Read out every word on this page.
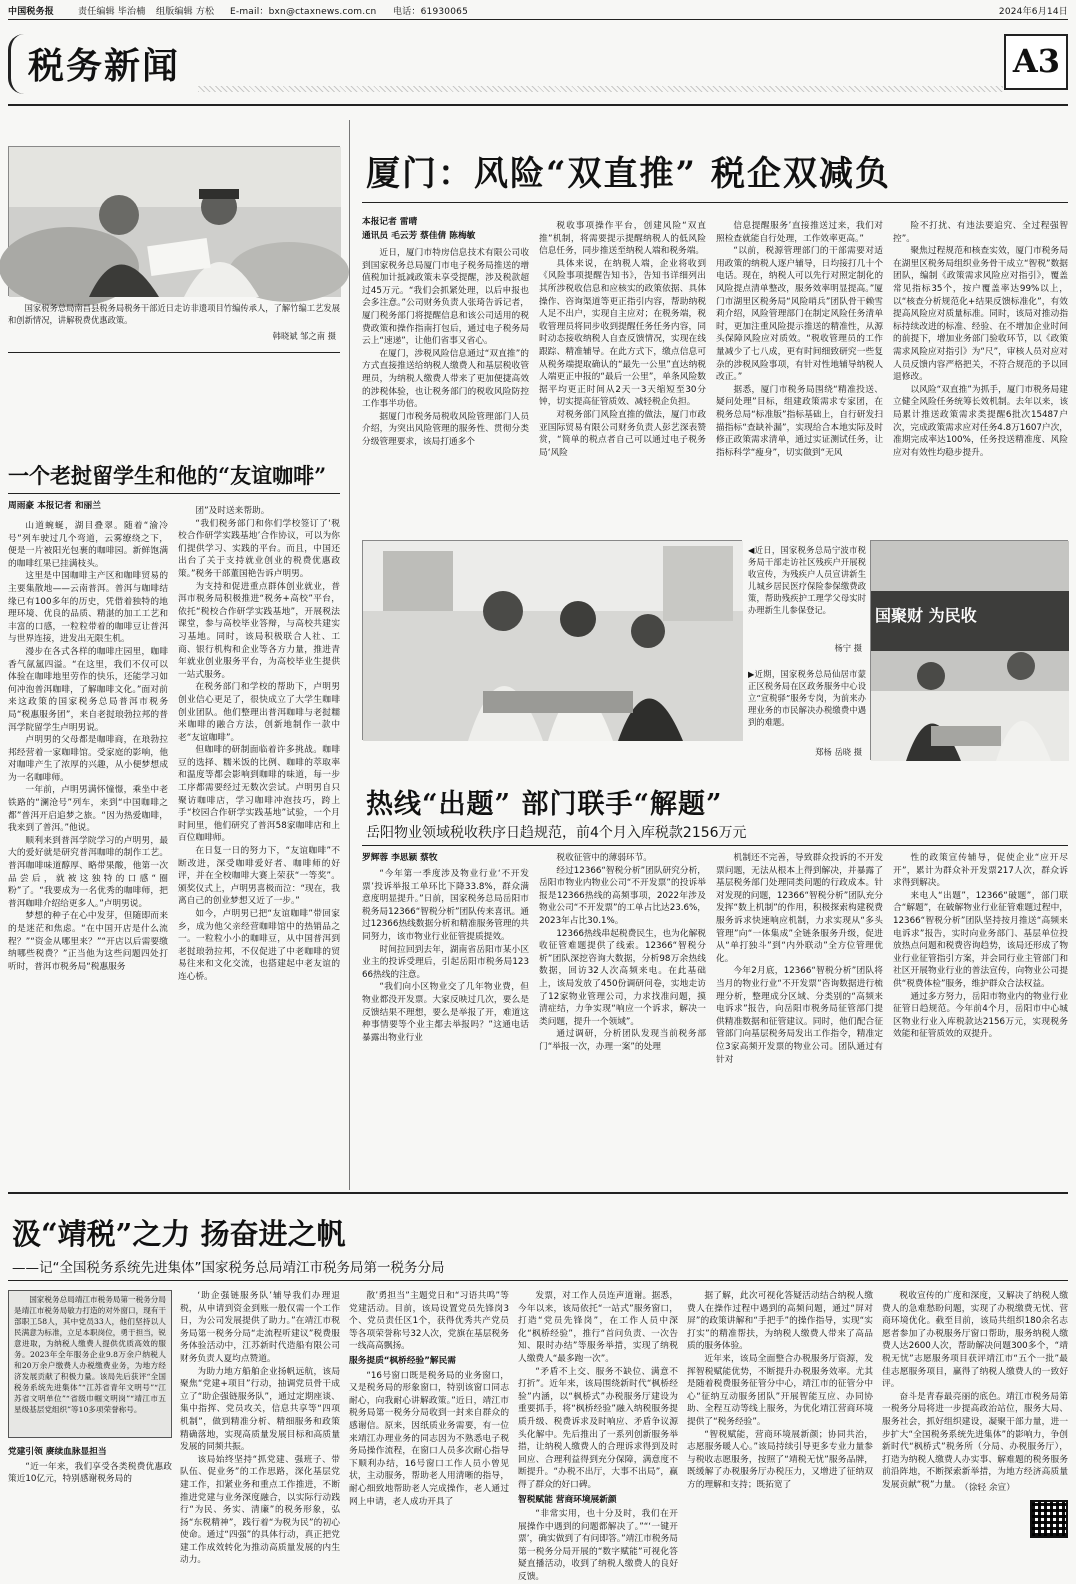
中国税务报	责任编辑 毕治楠 组版编辑 方松 E-mail：bxn@ctaxnews.com.cn 电话：61930065	2024年6月14日
税务新闻	A3
国家税务总局南昌县税务局税务干部近日走访非遗项目竹编传承人，了解竹编工艺发展和创新情况，讲解税费优惠政策。
韩晓斌 邹之南 摄
一个老挝留学生和他的“友谊咖啡”
周雨豪 本报记者 和丽兰

山道蜿蜒，湖目叠翠。随着“渝冷号”列车驶过几个弯道，云雾缭绕之下，便是一片被阳光包裹的咖啡园。新鲜饱满的咖啡红果已挂满枝头。

这里是中国咖啡主产区和咖啡贸易的主要集散地——云南普洱。普洱与咖啡结缘已有100多年的历史，凭借着独特的地理环境、优良的品质、精湛的加工工艺和丰富的口感，一粒粒带着的咖啡豆让普洱与世界连接，进发出无限生机。

漫步在各式各样的咖啡庄园里，咖啡香气氤氲四溢。“在这里，我们不仅可以体验在咖啡地里劳作的快乐，还能学习如何冲泡普洱咖啡，了解咖啡文化。”面对前来这政策的国家税务总局普洱市税务局“税惠服务团”，来自老挝琅勃拉邦的普洱学院留学生卢明男说。

卢明男的父母都是咖啡商，在琅勃拉邦经营着一家咖啡馆。受家庭的影响，他对咖啡产生了浓厚的兴趣，从小便梦想成为一名咖啡师。

一年前，卢明男满怀憧憬，乘坐中老铁路的“澜沧号”列车，来到“中国咖啡之都”普洱开启追梦之旅。“因为热爱咖啡，我来到了普洱。”他说。

顺利来到普洱学院学习的卢明男，最大的爱好就是研究普洱咖啡的制作工艺。普洱咖啡味道醇厚、略带果酸，他第一次品尝后，就被这独特的口感“圈粉”了。“我要成为一名优秀的咖啡师，把普洱咖啡介绍给更多人。”卢明男说。

梦想的种子在心中发芽，但随即而来的是迷茫和焦虑。“在中国开店是什么流程？”“资金从哪里来？”“开店以后需要缴纳哪些税费？”正当他为这些问题四处打听时，普洱市税务局“税惠服务

团”及时送来帮助。

“我们税务部门和你们学校签订了‘税校合作研学实践基地’合作协议，可以为你们提供学习、实践的平台。而且，中国还出台了关于支持就业创业的税费优惠政策。”税务干部董国艳告诉卢明男。

为支持和促进重点群体创业就业，普洱市税务局积极推进“税务+高校”平台，依托“税校合作研学实践基地”，开展税法课堂，参与高校毕业答辩，与高校共建实习基地。同时，该局积极联合人社、工商、银行机构和企业等各方力量，推进青年就业创业服务平台，为高校毕业生提供一站式服务。

在税务部门和学校的帮助下，卢明男创业信心更足了，很快成立了大学生咖啡创业团队。他们整理出普洱咖啡与老挝糯米咖啡的融合方法，创新地制作一款中老“友谊咖啡”。

但咖啡的研制面临着许多挑战。咖啡豆的选择、糯米饭的比例、咖啡的萃取率和温度等都会影响到咖啡的味道，每一步工序都需要经过无数次尝试。卢明男自只聚访咖啡店，学习咖啡冲泡技巧，跨上手“校园合作研学实践基地”试验，一个月时间里，他们研究了普洱58家咖啡店和上百位咖啡师。

在日复一日的努力下，“友谊咖啡”不断改进，深受咖啡爱好者、咖啡师的好评，并在全校咖啡大赛上荣获“一等奖”。颁奖仪式上，卢明男喜极而泣：“现在，我离自己的创业梦想又近了一步。”

如今，卢明男已把“友谊咖啡”带回家乡，成为他父亲经营咖啡馆中的热销品之一。一粒粒小小的咖啡豆，从中国普洱到老挝琅勃拉邦，不仅促进了中老咖啡的贸易往来和文化交流，也搭建起中老友谊的连心桥。

厦门：风险“双直推” 税企双减负
本报记者 雷晴
通讯员 毛云芳 蔡佳倩 陈梅敏

近日，厦门市特房信息技术有限公司收到国家税务总局厦门市电子税务局推送的增值税加计抵减政策未享受提醒，涉及税款超过45万元。“我们会抓紧处理，以后申报也会多注意。”公司财务负责人张琦告诉记者，厦门税务部门将提醒信息和该公司适用的税费政策和操作指南打包后，通过电子税务局云上“速递”，让他们省事又省心。

在厦门，涉税风险信息通过“双直推”的方式直接推送给纳税人缴费人和基层税收管理员，为纳税人缴费人带来了更加便捷高效的涉税体验，也让税务部门的税收风险防控工作事半功倍。

据厦门市税务局税收风险管理部门人员介绍，为突出风险管理的服务性、贯彻分类分级管理要求，该局打通多个

税收事项操作平台，创建风险“双直推”机制，将需要提示提醒纳税人的低风险信息任务，同步推送至纳税人端和税务端。

具体来说，在纳税人端，企业将收到《风险事项提醒告知书》，告知书详细列出其所涉税收信息和应核实的政策依据、具体操作、咨询渠道等更正指引内容，帮助纳税人足不出户，实现自主应对；在税务端，税收管理员将同步收到提醒任务任务内容，同时动态接收纳税人自查反馈情况，实现在线跟踪、精准辅导。在此方式下，缴点信息可从税务端提取确认的“最先一公里”直达纳税人端更正申报的“最后一公里”，单条风险数据平均更正时间从2天一3天缩短至30分钟，切实提高征管质效、减轻税企负担。

对税务部门风险直推的做法，厦门市政亚国际贸易有限公司财务负责人彭艺深表赞赏，“简单的税点者自己可以通过电子税务局‘风险

信息提醒服务’直接推送过来，我们对照检查就能自行处理，工作效率更高。”

“以前，税源管理部门的干部需要对适用政策的纳税人逐户辅导，日均接打几十个电话。现在，纳税人可以先行对照定制化的风险提点清单整改，服务效率明显提高。”厦门市湖里区税务局“风险哨兵”团队骨干赖雪莉介绍，风险管理部门在制定风险任务清单时，更加注重风险提示推送的精准性，从源头保障风险应对质效。“税收管理员的工作量减少了七八成，更有时间细致研究一些复杂的涉税风险事项，有针对性地辅导纳税人改正。”

据悉，厦门市税务局围绕“精准投送、疑问处理”目标，组建政策需求专家团，在税务总局“标准版”指标基础上，自行研发扫描指标“查缺补漏”，实现给合本地实际及时修正政策需求清单，通过实证测试任务，让指标科学“瘦身”，切实做到“无风

险不打扰、有违法要追究、全过程强智控”。

聚焦过程规范和核查实效，厦门市税务局在湖里区税务局组织业务骨干成立“智税”数据团队，编制《政策需求风险应对指引》，覆盖常见指标35个，按户覆盖率达99%以上，以“核查分析规范化+结果反馈标准化”，有效提高风险应对质量标准。同时，该局对推动指标持续改进的标准、经验、在不增加企业时间的前提下，增加业务部门验收环节，以《政策需求风险应对指引》为“尺”，审核人员对应对人员反馈内容严格把关，不符合规范的予以回退修改。

以风险“双直推”为抓手，厦门市税务局建立健全风险任务统筹长效机制。去年以来，该局累计推送政策需求类提醒6批次15487户次，完成政策需求应对任务4.8万1607户次，准期完成率达100%，任务投送精准度、风险应对有效性均稳步提升。

◀近日，国家税务总局宁波市税务局干部走访社区残疾户开展税收宣传，为残疾户人员宣讲新生儿城乡居民医疗保险参保缴费政策，帮助残疾护工理学父母实时办理新生儿参保登记。
杨宁 摄
国聚财 为民收
▶近期，国家税务总局仙居市蒙正区税务局在区政务服务中心设立“宣税驿”服务专岗，为前来办理业务的市民解决办税缴费中遇到的难题。
郑杨 岳晓 摄
热线“出题” 部门联手“解题”
岳阳物业领域税收秩序日趋规范，前4个月入库税款2156万元
罗辉蓉 李思颖 蔡牧

“今年第一季度涉及物业行业‘不开发票’投诉举报工单环比下降33.8%，群众满意度明显提升。”日前，国家税务总局岳阳市税务局12366“智税分析”团队传来喜讯。通过12366热线数据分析和精准服务管理的共同努力，该市物业行业征管提质提效。

时间拉回到去年，湖南省岳阳市某小区业主的投诉受理后，引起岳阳市税务局12366热线的注意。

“我们向小区物业交了几年物业费，但物业都没开发票。大家反映过几次，要么是反馈结果不理想，要么是举报了开，难道这种事情要等个业主都去举报吗？”这通电话暴露出物业行业

税收征管中的薄弱环节。

经过12366“智税分析”团队研究分析，岳阳市物业内物业公司“不开发票”的投诉举报是12366热线的高频事项，2022年涉及物业公司“不开发票”的工单占比达23.6%，2023年占比30.1%。

12366热线串起税费民生，也为化解税收征管难题提供了线索。12366“智税分析”团队深挖咨询大数据，分析98万余热线数据，回访32人次高频来电。在此基础上，该局发放了450份调研问卷，实地走访了12家物业管理公司，力求找准问题，摸清症结，力争实现“响应一个诉求，解决一类问题，提升一个领域”。

通过调研，分析团队发现当前税务部门“举报一次，办理一案”的处理

机制还不完善，导致群众投诉的不开发票问题，无法从根本上得到解决，并暴露了基层税务部门处理同类问题的行政成本。针对发现的问题，12366“智税分析”团队充分发挥“数上机制”的作用，积极探索构建税费服务诉求快速响应机制，力求实现从“多头管理”向“一体集成”全链条服务升级，促进从“单打独斗”到“内外联动”全方位管理优化。

今年2月底，12366“智税分析”团队将当月的物业行业“不开发票”咨询数据进行梳理分析，整理成分区域、分类别的“高频来电诉求”报告，向岳阳市税务局征管部门提供精准数据和征管建议。同时，他们配合征管部门向基层税务局发出工作指令，精准定位3家高频开发票的物业公司。团队通过有针对

性的政策宣传辅导，促使企业“应开尽开”，累计为群众补开发票217人次，群众诉求得到解决。

来电人“出题”，12366“破题”，部门联合“解题”，在破解物业行业征管难题过程中，12366“智税分析”团队坚持按月推送“高频来电诉求”报告，实时向业务部门、基层单位投放热点问题和税费咨询趋势，该局还形成了物业行业征管指引方案，并会同行业主管部门和社区开展物业行业的普法宣传，向物业公司提供“税费体检”服务，维护群众合法权益。

通过多方努力，岳阳市物业内的物业行业征管日趋规范。今年前4个月，岳阳市中心城区物业行业入库税款达2156万元，实现税务效能和征管质效的双提升。

汲“靖税”之力 扬奋进之帆
——记“全国税务系统先进集体”国家税务总局靖江市税务局第一税务分局
国家税务总局靖江市税务局第一税务分局是靖江市税务局敏力打造的对外窗口，现有干部职工58人，其中党员33人，他们坚持以人民满意为标准，立足本职岗位，勇于担当，锐意进取，为纳税人缴费人提供优质高效的服务。2023年全年服务企业9.8万余户纳税人和20万余户缴费人办税缴费业务，为地方经济发展贡献了积极力量。该局先后获评“全国税务系统先进集体”“江苏省青年文明号”“江苏省文明单位”“省级巾帼文明岗”“靖江市五星级基层党组织”等10多项荣誉称号。
党建引领 赓续血脉显担当

“近一年来，我们享受各类税费优惠政策近10亿元，特别感谢税务局的

‘助企强链服务队’辅导我们办理退税，从申请到资金到账一般仅需一个工作日，为公司发展提供了助力。”在靖江市税务局第一税务分局“走流程听建议”税费服务体验活动中，江苏新时代造船有限公司财务负责人夏均点赞道。

为助力地方船舶企业扬帆远航，该局聚焦“党建+项目”行动，抽调党员骨干成立了“助企强链服务队”，通过定期座谈、集中指挥、党员攻关，信息共享等“四项机制”，做到精准分析、精细服务和政策精确落地，实现高质量发展目标和高质量发展的同频共振。

该局始终坚持“抓党建、强班子、带队伍、促业务”的工作思路，深化基层党建工作，扣紧业务和重点工作推进，不断推进党建与业务深度融合，以实际行动践行“为民、务实、清廉”的税务形象，弘扬“东税精神”，践行着“为税为民”的初心使命。通过“四强”的具体行动，真正把党建工作成效转化为推动高质量发展的内生动力。

散’勇担当”主题党日和“习语共鸣”等党建活动。目前，该局设置党员先锋岗3个、党员责任区1个，获得优秀共产党员等各项荣誉称号32人次，党旗在基层税务一线高高飘扬。

服务提质“枫桥经验”解民需

“16号窗口既是税务局的业务窗口，又是税务局的形象窗口，特别该窗口同志耐心，向我耐心讲解政策。”近日，靖江市税务局第一税务分局收到一封来自群众的感谢信。原来，因纸质业务需要，有一位来靖江办理业务的同志因为不熟悉电子税务局操作流程，在窗口人员多次耐心指导下顺利办结，16号窗口工作人员小曾见状，主动服务，帮助老人用清晰的指导，耐心细致地帮助老人完成操作，老人通过网上申请，老人成功开具了

发票，对工作人员连声道谢。据悉，今年以来，该局依托“一站式”服务窗口，打造“党员先锋岗”，在工作人员中深化“枫桥经验”，推行“首问负责、一次告知、限时办结”等服务举措，实现了纳税人缴费人“最多跑一次”。

“矛盾不上交、服务不缺位、满意不打折”。近年来，该局围绕新时代“枫桥经验”内涵，以“枫桥式”办税服务厅建设为重要抓手，将“枫桥经验”融入纳税服务提质升级、税费诉求及时响应、矛盾争议源头化解中。先后推出了一系列创新服务举措，让纳税人缴费人的合理诉求得到及时回应、合理利益得到充分保障，满意度不断提升。“办税不出厅，大事不出局”，赢得了群众的好口碑。

智税赋能 营商环境展新颜

“非常实用，也十分及时，我们在开展操作中遇到的问题都解决了。”“‘一键开票’，确实做到了有问即答。”靖江市税务局第一税务分局开展的“数字赋能”可视化答疑直播活动，收到了纳税人缴费人的良好反馈。

据了解，此次可视化答疑活动结合纳税人缴费人在操作过程中遇到的高频问题，通过“屏对屏”的政策讲解和“手把手”的操作指导，实现“实打实”的精准帮扶，为纳税人缴费人带来了高品质的服务体验。

近年来，该局全面整合办税服务厅资源，发挥智税赋能优势，不断提升办税服务效率。尤其是随着税费服务征管分中心，靖江市的征管分中心“征纳互动服务团队”开展智能互应、办同协助、全程互动等线上服务，为优化靖江营商环境提供了“税务经验”。

“智税赋能，营商环境展新颜；协同共治，志愿服务暖人心。”该局持续引导更多专业力量参与税收志愿服务，按照了“靖税无忧”服务品牌，既缓解了办税服务厅办税压力，又增进了征纳双方的理解和支持；既拓宽了

税收宣传的广度和深度，又解决了纳税人缴费人的急难愁盼问题，实现了办税缴费无忧、营商环境优化。截至目前，该局共组织180余名志愿者参加了办税服务厅窗口帮助，服务纳税人缴费人达2600人次，帮助解决问题300多个，“靖税无忧”志愿服务项目获评靖江市“五个一批”最佳志愿服务项目，赢得了纳税人缴费人的一致好评。

奋斗是青春最亮丽的底色。靖江市税务局第一税务分局将进一步提高政治站位，服务大局、服务社会，抓好组织建设，凝聚干部力量，进一步扩大“全国税务系统先进集体”的影响力，争创新时代“枫桥式”税务所（分局、办税服务厅），打造为纳税人缴费人办实事、解难题的税务服务前沿阵地，不断探索新举措，为地方经济高质量发展贡献“税”力量。 （徐轻 余宣）
